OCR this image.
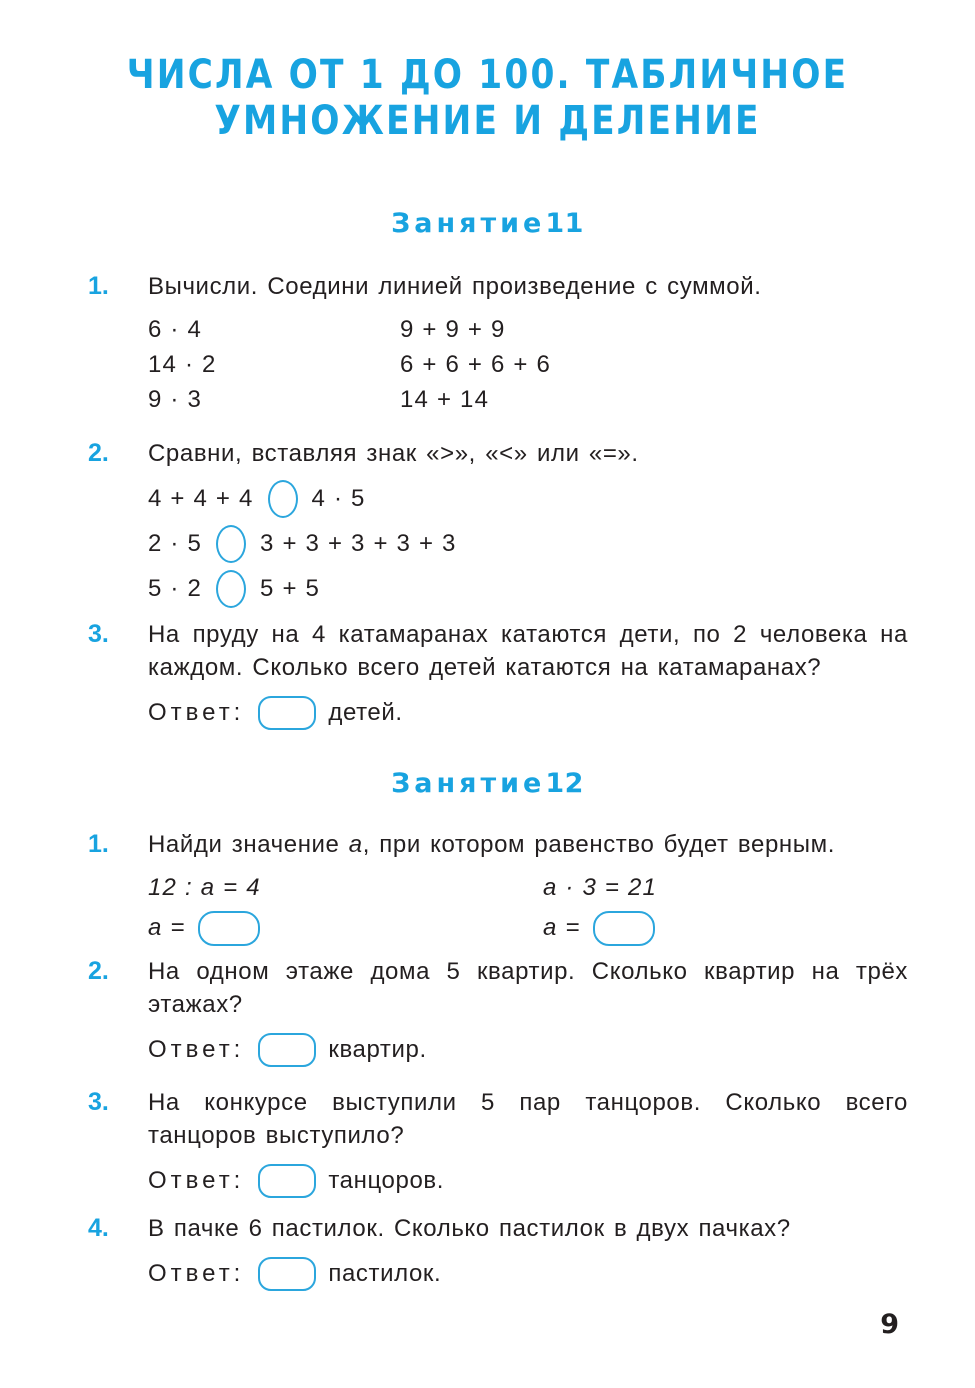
ЧИСЛА ОТ 1 ДО 100. ТАБЛИЧНОЕ
УМНОЖЕНИЕ И ДЕЛЕНИЕ
Занятие11
1.	Вычисли. Соедини линией произведение с суммой.
6 · 4	9 + 9 + 9
14 · 2	6 + 6 + 6 + 6
9 · 3	14 + 14
2.	Сравни, вставляя знак «>», «<» или «=».
4 + 4 + 4 4 · 5
2 · 5 3 + 3 + 3 + 3 + 3
5 · 2 5 + 5
3.	На пруду на 4 катамаранах катаются дети, по 2 человека на каждом. Сколько всего детей катаются на катамаранах?
Ответ:	детей.
Занятие12
1.	Найди значение a, при котором равенство будет верным.
12 : a = 4	a · 3 = 21
a =	a =
2.	На одном этаже дома 5 квартир. Сколько квартир на трёх этажах?
Ответ:	квартир.
3.	На конкурсе выступили 5 пар танцоров. Сколько всего танцоров выступило?
Ответ:	танцоров.
4.	В пачке 6 пастилок. Сколько пастилок в двух пачках?
Ответ:	пастилок.
9
